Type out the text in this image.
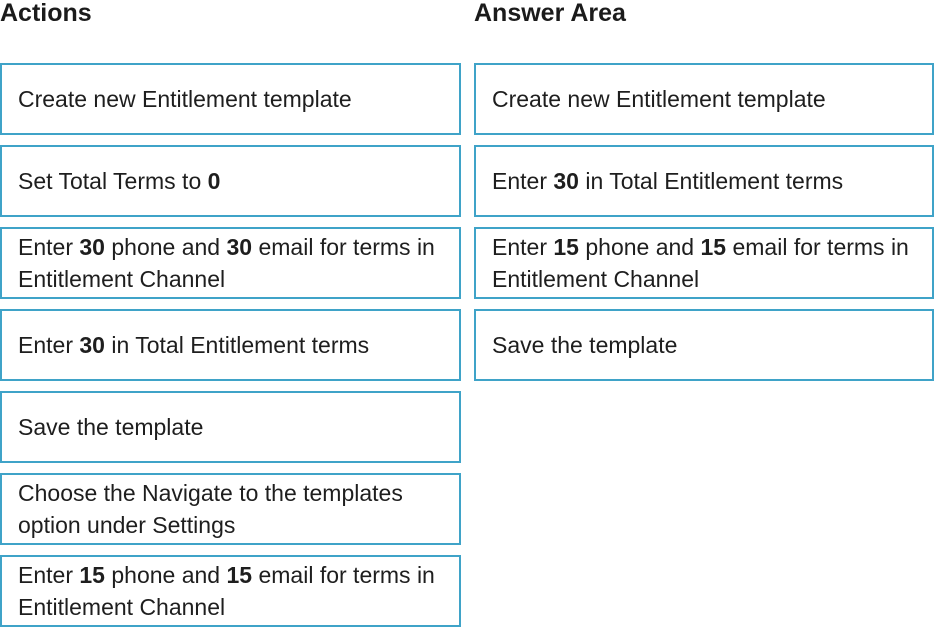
Actions	Answer Area
Create new Entitlement template
Set Total Terms to 0
Enter 30 phone and 30 email for terms in Entitlement Channel
Enter 30 in Total Entitlement terms
Save the template
Choose the Navigate to the templates option under Settings
Enter 15 phone and 15 email for terms in Entitlement Channel
Create new Entitlement template
Enter 30 in Total Entitlement terms
Enter 15 phone and 15 email for terms in Entitlement Channel
Save the template
